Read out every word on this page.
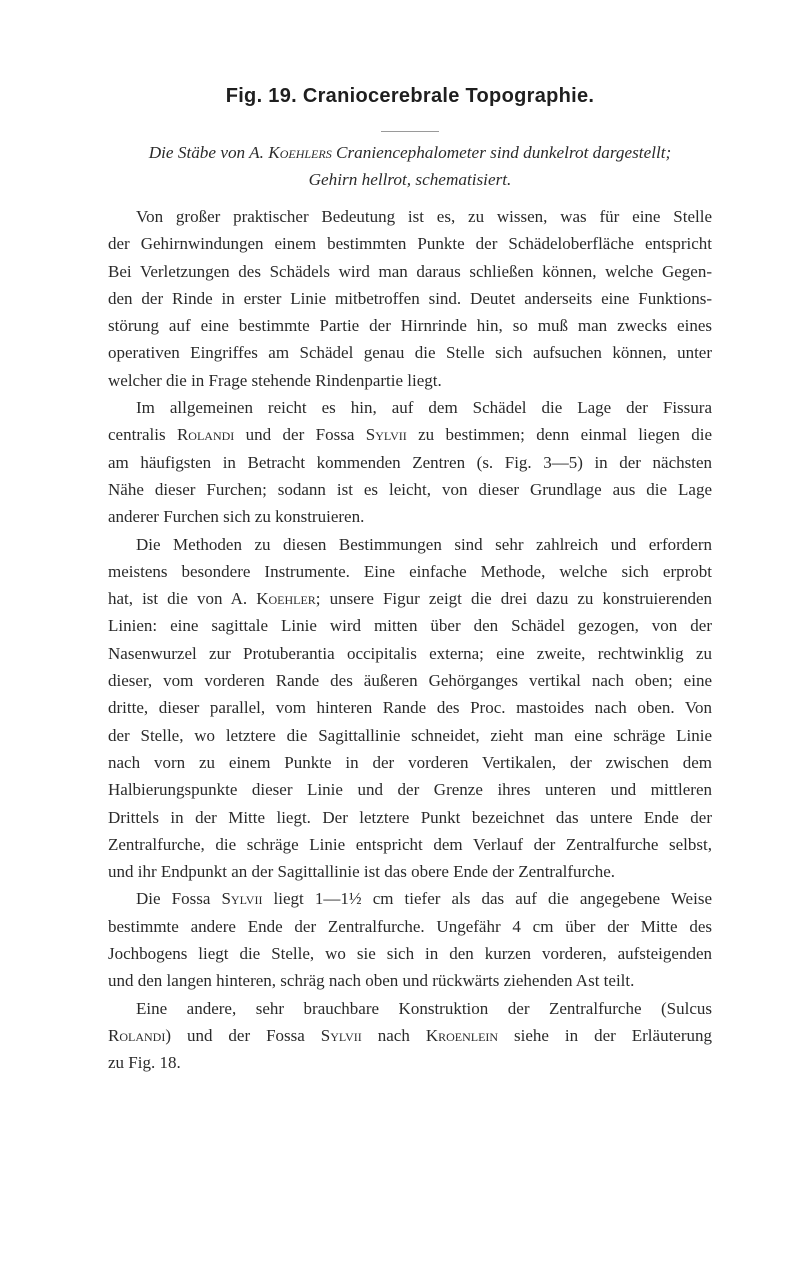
Fig. 19. Craniocerebrale Topographie.
Die Stäbe von A. Koehlers Craniencephalometer sind dunkelrot dargestellt;
Gehirn hellrot, schematisiert.
Von großer praktischer Bedeutung ist es, zu wissen, was für eine Stelle
der Gehirnwindungen einem bestimmten Punkte der Schädeloberfläche entspricht
Bei Verletzungen des Schädels wird man daraus schließen können, welche Gegen-
den der Rinde in erster Linie mitbetroffen sind. Deutet anderseits eine Funktions-
störung auf eine bestimmte Partie der Hirnrinde hin, so muß man zwecks eines
operativen Eingriffes am Schädel genau die Stelle sich aufsuchen können, unter
welcher die in Frage stehende Rindenpartie liegt.
Im allgemeinen reicht es hin, auf dem Schädel die Lage der Fissura
centralis Rolandi und der Fossa Sylvii zu bestimmen; denn einmal liegen die
am häufigsten in Betracht kommenden Zentren (s. Fig. 3—5) in der nächsten
Nähe dieser Furchen; sodann ist es leicht, von dieser Grundlage aus die Lage
anderer Furchen sich zu konstruieren.
Die Methoden zu diesen Bestimmungen sind sehr zahlreich und erfordern
meistens besondere Instrumente. Eine einfache Methode, welche sich erprobt
hat, ist die von A. Koehler; unsere Figur zeigt die drei dazu zu konstruierenden
Linien: eine sagittale Linie wird mitten über den Schädel gezogen, von der
Nasenwurzel zur Protuberantia occipitalis externa; eine zweite, rechtwinklig zu
dieser, vom vorderen Rande des äußeren Gehörganges vertikal nach oben; eine
dritte, dieser parallel, vom hinteren Rande des Proc. mastoides nach oben. Von
der Stelle, wo letztere die Sagittallinie schneidet, zieht man eine schräge Linie
nach vorn zu einem Punkte in der vorderen Vertikalen, der zwischen dem
Halbierungspunkte dieser Linie und der Grenze ihres unteren und mittleren
Drittels in der Mitte liegt. Der letztere Punkt bezeichnet das untere Ende der
Zentralfurche, die schräge Linie entspricht dem Verlauf der Zentralfurche selbst,
und ihr Endpunkt an der Sagittallinie ist das obere Ende der Zentralfurche.
Die Fossa Sylvii liegt 1—1½ cm tiefer als das auf die angegebene Weise
bestimmte andere Ende der Zentralfurche. Ungefähr 4 cm über der Mitte des
Jochbogens liegt die Stelle, wo sie sich in den kurzen vorderen, aufsteigenden
und den langen hinteren, schräg nach oben und rückwärts ziehenden Ast teilt.
Eine andere, sehr brauchbare Konstruktion der Zentralfurche (Sulcus
Rolandi) und der Fossa Sylvii nach Kroenlein siehe in der Erläuterung
zu Fig. 18.
